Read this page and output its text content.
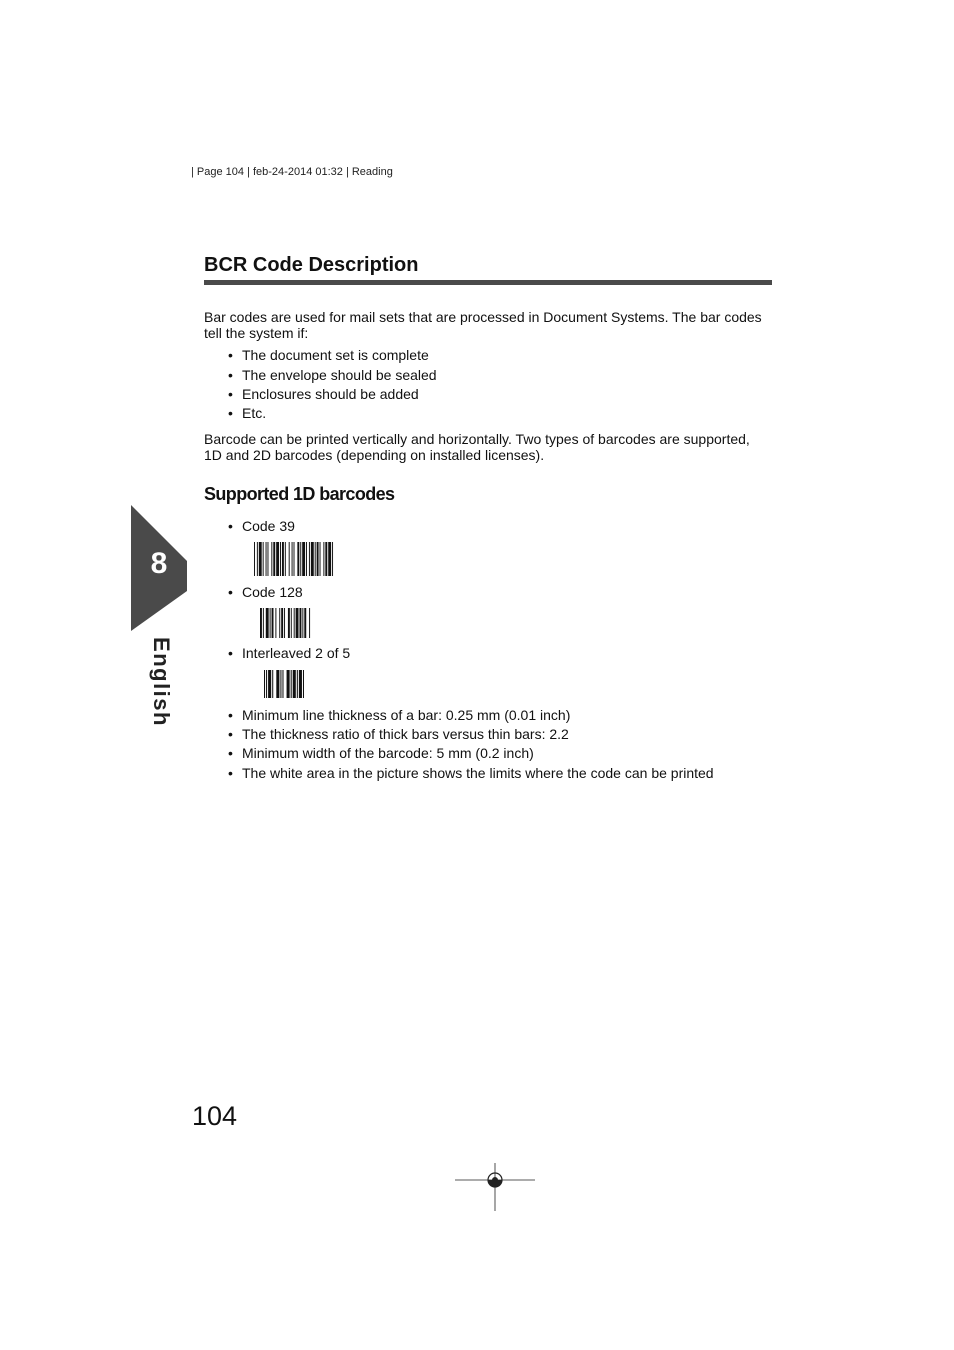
| Page 104 | feb-24-2014 01:32 | Reading
BCR Code Description
Bar codes are used for mail sets that are processed in Document Systems. The bar codes
tell the system if:
• The document set is complete
• The envelope should be sealed
• Enclosures should be added
• Etc.
Barcode can be printed vertically and horizontally. Two types of barcodes are supported,
1D and 2D barcodes (depending on installed licenses).
Supported 1D barcodes
• Code 39
• Code 128
• Interleaved 2 of 5
• Minimum line thickness of a bar: 0.25 mm (0.01 inch)
• The thickness ratio of thick bars versus thin bars: 2.2
• Minimum width of the barcode: 5 mm (0.2 inch)
• The white area in the picture shows the limits where the code can be printed
8
English
104
